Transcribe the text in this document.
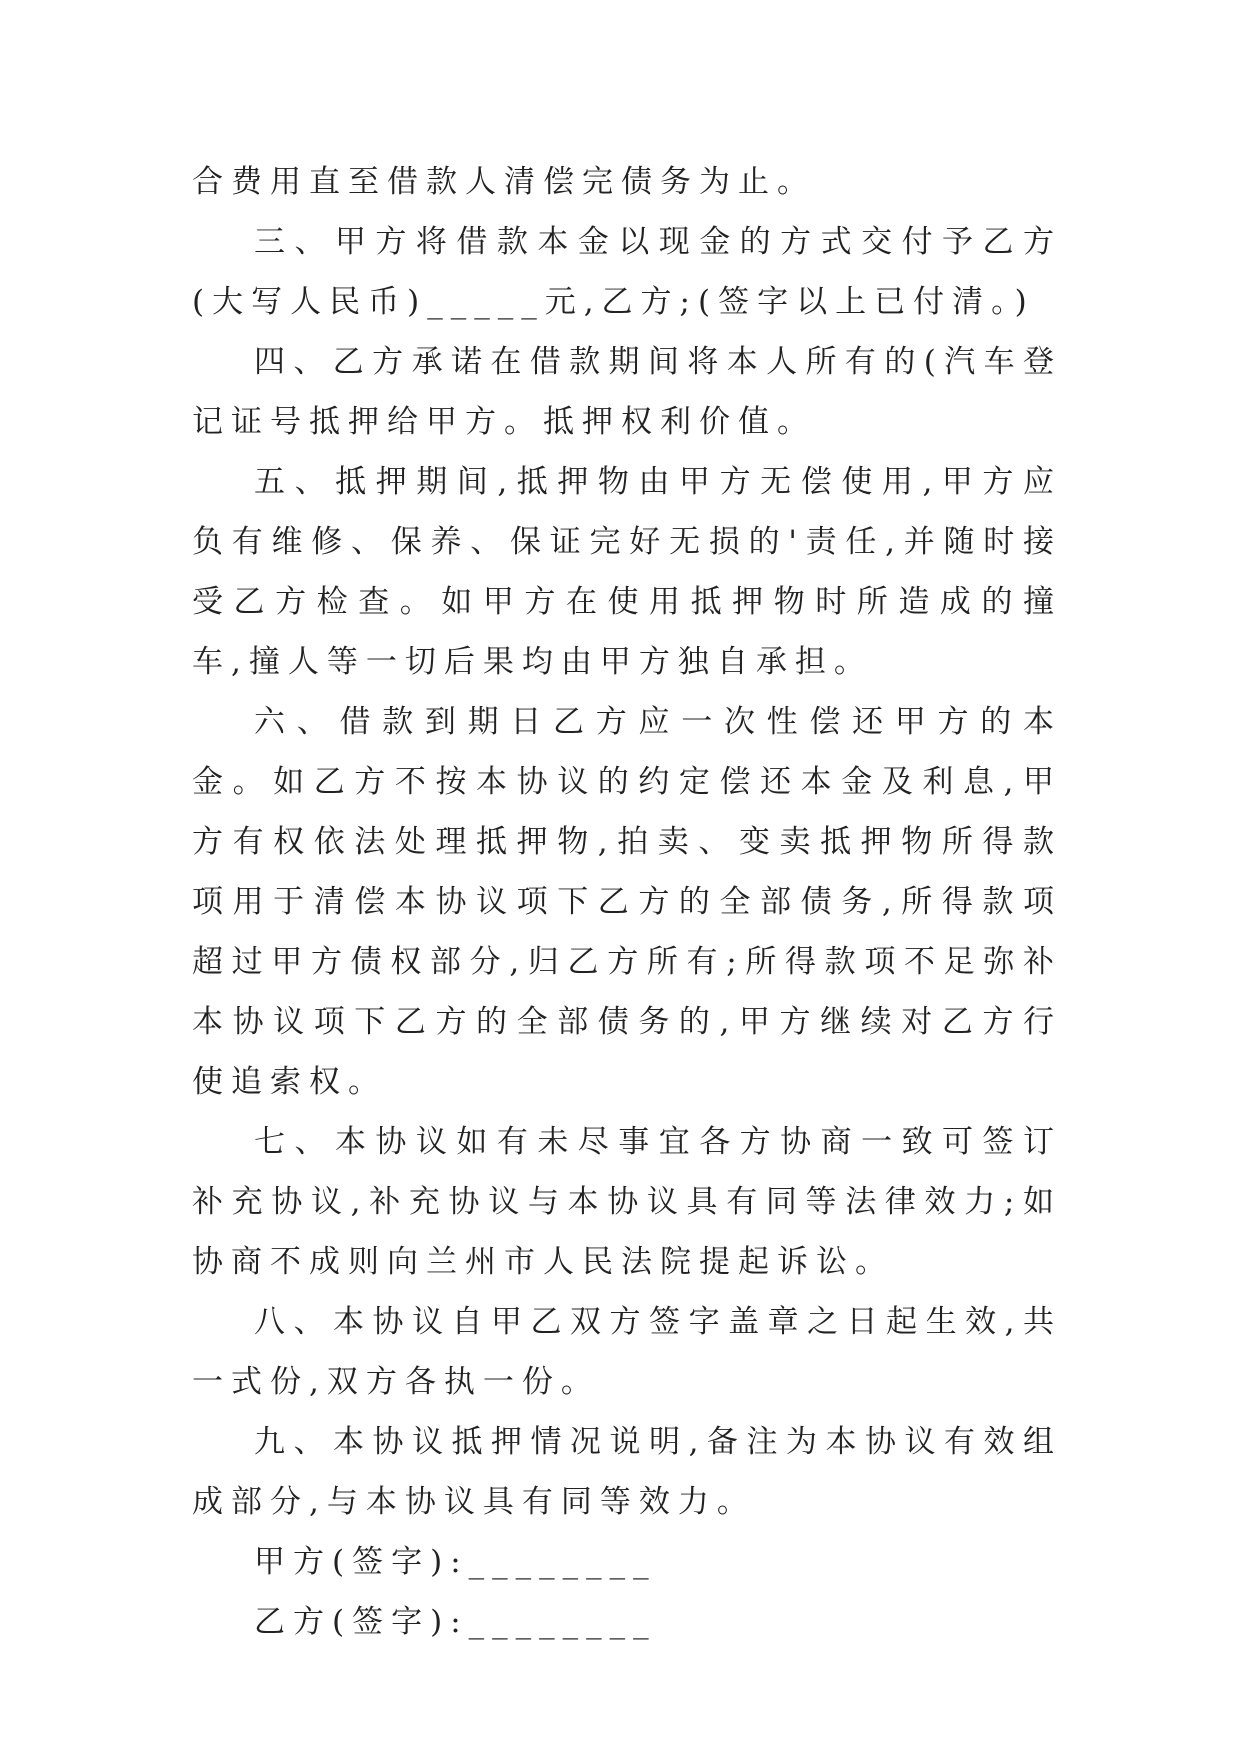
合费用直至借款人清偿完债务为止。

三、甲方将借款本金以现金的方式交付予乙方(大写人民币)_____元,乙方;(签字以上已付清。)

四、乙方承诺在借款期间将本人所有的(汽车登记证号抵押给甲方。抵押权利价值。

五、抵押期间,抵押物由甲方无偿使用,甲方应负有维修、保养、保证完好无损的'责任,并随时接受乙方检查。如甲方在使用抵押物时所造成的撞车,撞人等一切后果均由甲方独自承担。

六、借款到期日乙方应一次性偿还甲方的本金。如乙方不按本协议的约定偿还本金及利息,甲方有权依法处理抵押物,拍卖、变卖抵押物所得款项用于清偿本协议项下乙方的全部债务,所得款项超过甲方债权部分,归乙方所有;所得款项不足弥补本协议项下乙方的全部债务的,甲方继续对乙方行使追索权。

七、本协议如有未尽事宜各方协商一致可签订补充协议,补充协议与本协议具有同等法律效力;如协商不成则向兰州市人民法院提起诉讼。

八、本协议自甲乙双方签字盖章之日起生效,共一式份,双方各执一份。

九、本协议抵押情况说明,备注为本协议有效组成部分,与本协议具有同等效力。

甲方(签字):________

乙方(签字):________
